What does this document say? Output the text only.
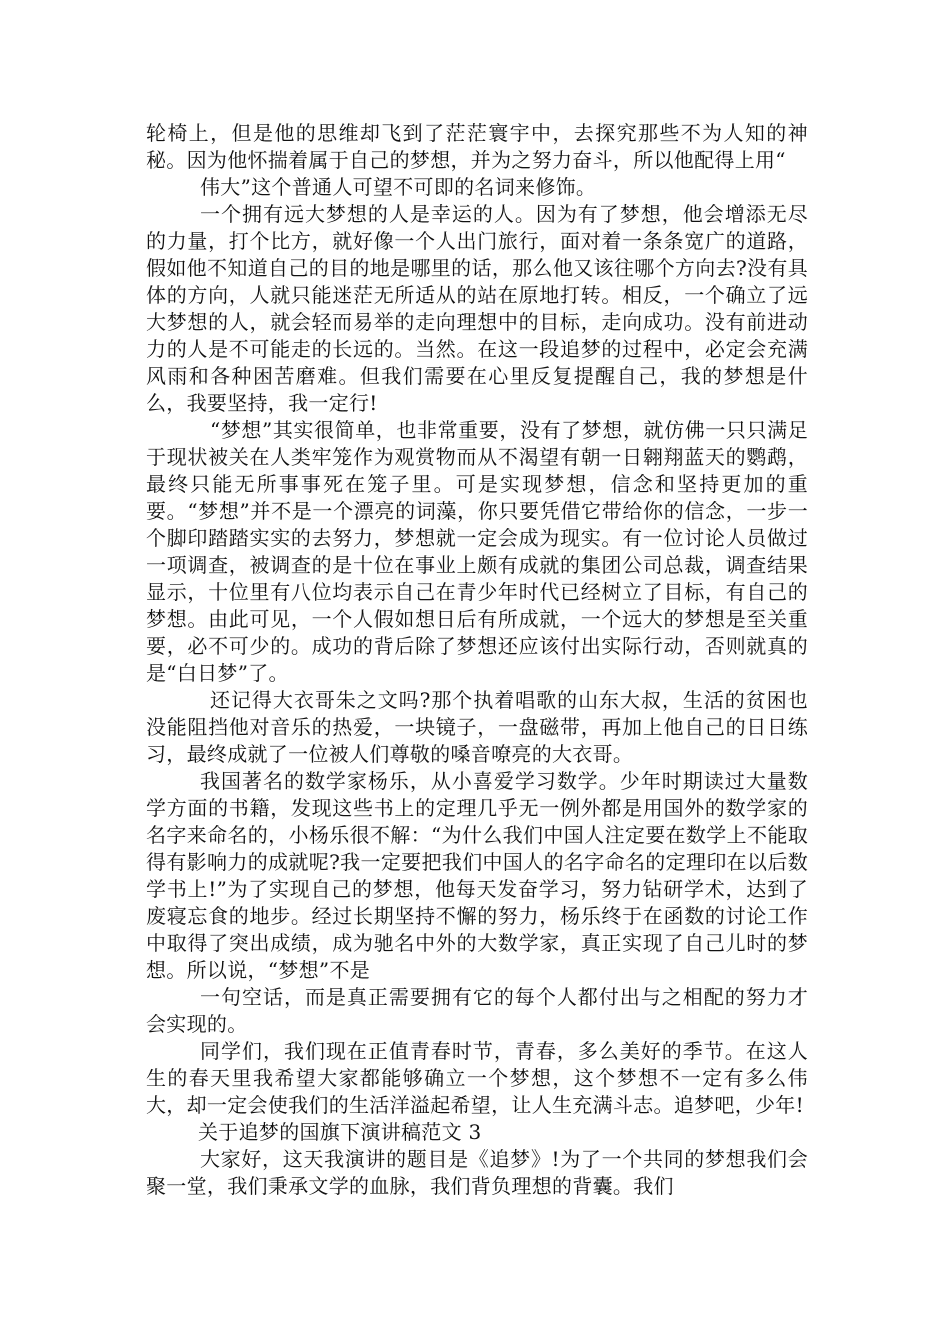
轮椅上，但是他的思维却飞到了茫茫寰宇中，去探究那些不为人知的神秘。因为他怀揣着属于自己的梦想，并为之努力奋斗，所以他配得上用“

伟大”这个普通人可望不可即的名词来修饰。

一个拥有远大梦想的人是幸运的人。因为有了梦想，他会增添无尽的力量，打个比方，就好像一个人出门旅行，面对着一条条宽广的道路，假如他不知道自己的目的地是哪里的话，那么他又该往哪个方向去?没有具体的方向，人就只能迷茫无所适从的站在原地打转。相反，一个确立了远大梦想的人，就会轻而易举的走向理想中的目标，走向成功。没有前进动力的人是不可能走的长远的。当然。在这一段追梦的过程中，必定会充满风雨和各种困苦磨难。但我们需要在心里反复提醒自己，我的梦想是什么，我要坚持，我一定行!

“梦想”其实很简单，也非常重要，没有了梦想，就仿佛一只只满足于现状被关在人类牢笼作为观赏物而从不渴望有朝一日翱翔蓝天的鹦鹉，最终只能无所事事死在笼子里。可是实现梦想，信念和坚持更加的重要。“梦想”并不是一个漂亮的词藻，你只要凭借它带给你的信念，一步一个脚印踏踏实实的去努力，梦想就一定会成为现实。有一位讨论人员做过一项调查，被调查的是十位在事业上颇有成就的集团公司总裁，调查结果显示，十位里有八位均表示自己在青少年时代已经树立了目标，有自己的梦想。由此可见，一个人假如想日后有所成就，一个远大的梦想是至关重要，必不可少的。成功的背后除了梦想还应该付出实际行动，否则就真的是“白日梦”了。

还记得大衣哥朱之文吗?那个执着唱歌的山东大叔，生活的贫困也没能阻挡他对音乐的热爱，一块镜子，一盘磁带，再加上他自己的日日练习，最终成就了一位被人们尊敬的嗓音嘹亮的大衣哥。

我国著名的数学家杨乐，从小喜爱学习数学。少年时期读过大量数学方面的书籍，发现这些书上的定理几乎无一例外都是用国外的数学家的名字来命名的，小杨乐很不解：“为什么我们中国人注定要在数学上不能取得有影响力的成就呢?我一定要把我们中国人的名字命名的定理印在以后数学书上!”为了实现自己的梦想，他每天发奋学习，努力钻研学术，达到了废寝忘食的地步。经过长期坚持不懈的努力，杨乐终于在函数的讨论工作中取得了突出成绩，成为驰名中外的大数学家，真正实现了自己儿时的梦想。所以说，“梦想”不是

一句空话，而是真正需要拥有它的每个人都付出与之相配的努力才会实现的。

同学们，我们现在正值青春时节，青春，多么美好的季节。在这人生的春天里我希望大家都能够确立一个梦想，这个梦想不一定有多么伟大，却一定会使我们的生活洋溢起希望，让人生充满斗志。追梦吧，少年!

关于追梦的国旗下演讲稿范文 3

大家好，这天我演讲的题目是《追梦》!为了一个共同的梦想我们会聚一堂，我们秉承文学的血脉，我们背负理想的背囊。我们
